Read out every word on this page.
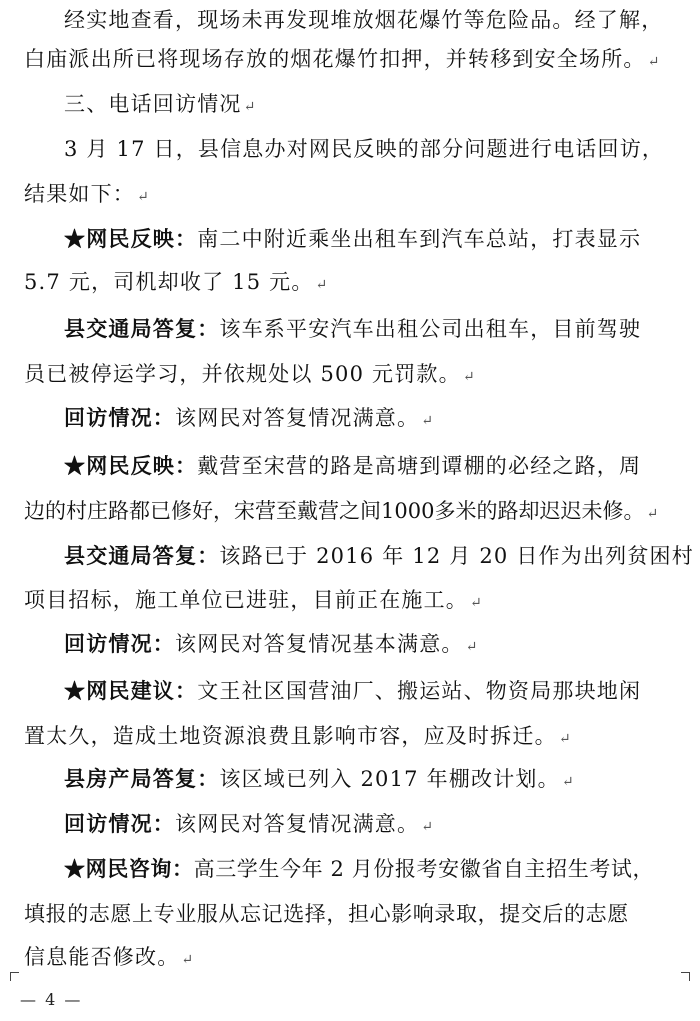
经实地查看，现场未再发现堆放烟花爆竹等危险品。经了解，
白庙派出所已将现场存放的烟花爆竹扣押，并转移到安全场所。 ↵
三、电话回访情况 ↵
3 月 17 日，县信息办对网民反映的部分问题进行电话回访，
结果如下： ↵
★网民反映：南二中附近乘坐出租车到汽车总站，打表显示
5.7 元，司机却收了 15 元。 ↵
县交通局答复：该车系平安汽车出租公司出租车，目前驾驶
员已被停运学习，并依规处以 500 元罚款。 ↵
回访情况：该网民对答复情况满意。 ↵
★网民反映：戴营至宋营的路是高塘到谭棚的必经之路，周
边的村庄路都已修好，宋营至戴营之间1000多米的路却迟迟未修。 ↵
县交通局答复：该路已于 2016 年 12 月 20 日作为出列贫困村
项目招标，施工单位已进驻，目前正在施工。 ↵
回访情况：该网民对答复情况基本满意。 ↵
★网民建议：文王社区国营油厂、搬运站、物资局那块地闲
置太久，造成土地资源浪费且影响市容，应及时拆迁。 ↵
县房产局答复：该区域已列入 2017 年棚改计划。 ↵
回访情况：该网民对答复情况满意。 ↵
★网民咨询：高三学生今年 2 月份报考安徽省自主招生考试，
填报的志愿上专业服从忘记选择，担心影响录取，提交后的志愿
信息能否修改。 ↵
— 4 —
